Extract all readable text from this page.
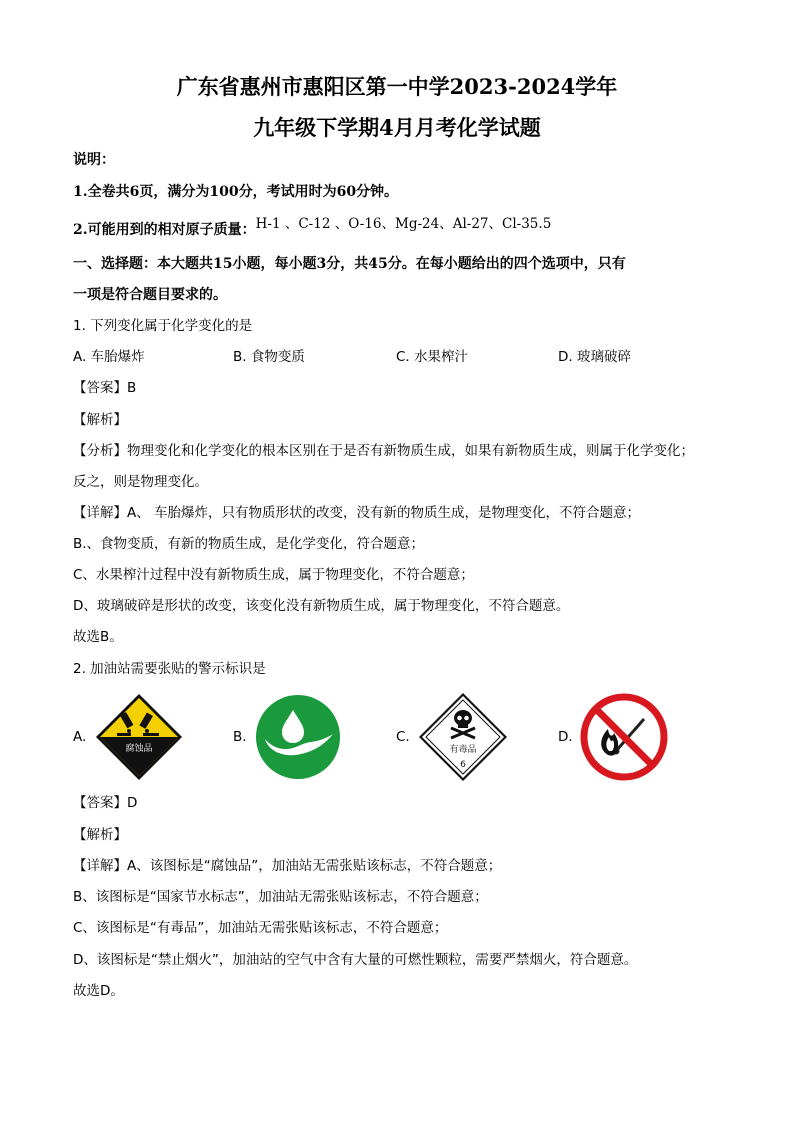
广东省惠州市惠阳区第一中学2023-2024学年
九年级下学期4月月考化学试题
说明：
1.全卷共6页，满分为100分，考试用时为60分钟。
2.可能用到的相对原子质量：H-1 、C-12 、O-16、Mg-24、Al-27、Cl-35.5
一、选择题：本大题共15小题，每小题3分，共45分。在每小题给出的四个选项中，只有
一项是符合题目要求的。
1. 下列变化属于化学变化的是
A. 车胎爆炸	B. 食物变质	C. 水果榨汁	D. 玻璃破碎
【答案】B
【解析】
【分析】物理变化和化学变化的根本区别在于是否有新物质生成，如果有新物质生成，则属于化学变化；
反之，则是物理变化。
【详解】A、 车胎爆炸，只有物质形状的改变，没有新的物质生成，是物理变化，不符合题意；
B.、食物变质，有新的物质生成，是化学变化，符合题意；
C、水果榨汁过程中没有新物质生成，属于物理变化，不符合题意；
D、玻璃破碎是形状的改变，该变化没有新物质生成，属于物理变化，不符合题意。
故选B。
2. 加油站需要张贴的警示标识是
A.	B.	C.	D.
腐蚀品	有毒品
6
【答案】D
【解析】
【详解】A、该图标是“腐蚀品”，加油站无需张贴该标志，不符合题意；
B、该图标是“国家节水标志”，加油站无需张贴该标志，不符合题意；
C、该图标是“有毒品”，加油站无需张贴该标志，不符合题意；
D、该图标是“禁止烟火”，加油站的空气中含有大量的可燃性颗粒，需要严禁烟火，符合题意。
故选D。
